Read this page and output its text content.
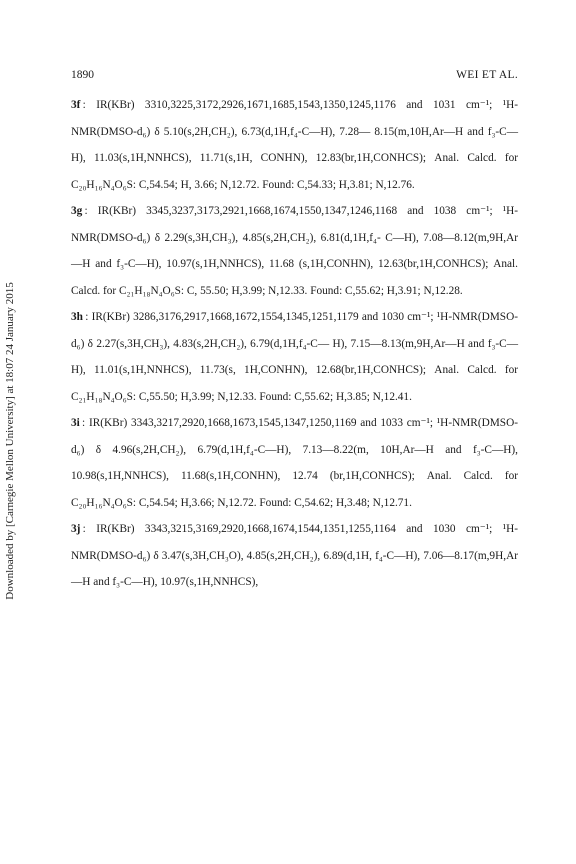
Downloaded by [Carnegie Mellon University] at 18:07 24 January 2015
1890	WEI ET AL.

3f : IR(KBr) 3310,3225,3172,2926,1671,1685,1543,1350,1245,1176 and 1031 cm⁻¹; ¹H-NMR(DMSO-d₆) δ 5.10(s,2H,CH₂), 6.73(d,1H,f₄-C—H), 7.28— 8.15(m,10H,Ar—H and f₃-C—H), 11.03(s,1H,NNHCS), 11.71(s,1H, CONHN), 12.83(br,1H,CONHCS); Anal. Calcd. for C₂₀H₁₆N₄O₆S: C,54.54; H, 3.66; N,12.72. Found: C,54.33; H,3.81; N,12.76.

3g : IR(KBr) 3345,3237,3173,2921,1668,1674,1550,1347,1246,1168 and 1038 cm⁻¹; ¹H-NMR(DMSO-d₆) δ 2.29(s,3H,CH₃), 4.85(s,2H,CH₂), 6.81(d,1H,f₄- C—H), 7.08—8.12(m,9H,Ar—H and f₃-C—H), 10.97(s,1H,NNHCS), 11.68 (s,1H,CONHN), 12.63(br,1H,CONHCS); Anal. Calcd. for C₂₁H₁₈N₄O₆S: C, 55.50; H,3.99; N,12.33. Found: C,55.62; H,3.91; N,12.28.

3h : IR(KBr) 3286,3176,2917,1668,1672,1554,1345,1251,1179 and 1030 cm⁻¹; ¹H-NMR(DMSO-d₆) δ 2.27(s,3H,CH₃), 4.83(s,2H,CH₂), 6.79(d,1H,f₄-C— H), 7.15—8.13(m,9H,Ar—H and f₃-C—H), 11.01(s,1H,NNHCS), 11.73(s, 1H,CONHN), 12.68(br,1H,CONHCS); Anal. Calcd. for C₂₁H₁₈N₄O₆S: C,55.50; H,3.99; N,12.33. Found: C,55.62; H,3.85; N,12.41.

3i : IR(KBr) 3343,3217,2920,1668,1673,1545,1347,1250,1169 and 1033 cm⁻¹; ¹H-NMR(DMSO-d₆) δ 4.96(s,2H,CH₂), 6.79(d,1H,f₄-C—H), 7.13—8.22(m, 10H,Ar—H and f₃-C—H), 10.98(s,1H,NNHCS), 11.68(s,1H,CONHN), 12.74 (br,1H,CONHCS); Anal. Calcd. for C₂₀H₁₆N₄O₆S: C,54.54; H,3.66; N,12.72. Found: C,54.62; H,3.48; N,12.71.

3j : IR(KBr) 3343,3215,3169,2920,1668,1674,1544,1351,1255,1164 and 1030 cm⁻¹; ¹H-NMR(DMSO-d₆) δ 3.47(s,3H,CH₃O), 4.85(s,2H,CH₂), 6.89(d,1H, f₄-C—H), 7.06—8.17(m,9H,Ar—H and f₃-C—H), 10.97(s,1H,NNHCS),
